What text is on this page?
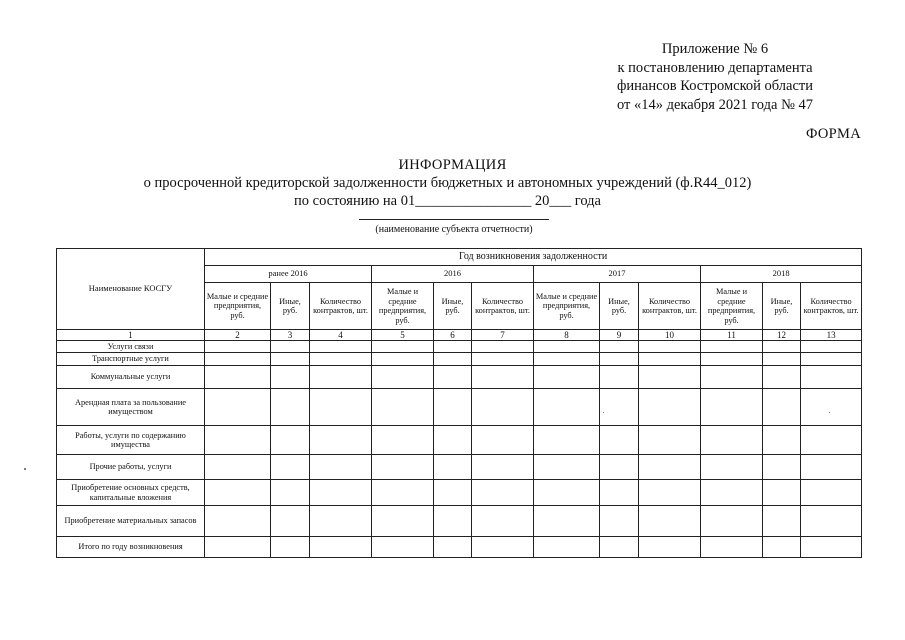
Приложение № 6
к постановлению департамента
финансов Костромской области
от «14» декабря 2021 года № 47
ФОРМА
ИНФОРМАЦИЯ
о просроченной кредиторской задолженности бюджетных и автономных учреждений (ф.R44_012)
по состоянию на 01________________ 20___ года
(наименование субъекта отчетности)
Наименование КОСГУ	Год возникновения задолженности											
	ранее 2016			2016			2017			2018		
	Малые и средние предприятия, руб.	Иные, руб.	Количество контрактов, шт.	Малые и средние предприятия, руб.	Иные, руб.	Количество контрактов, шт.	Малые и средние предприятия, руб.	Иные, руб.	Количество контрактов, шт.	Малые и средние предприятия, руб.	Иные, руб.	Количество контрактов, шт.
1	2	3	4	5	6	7	8	9	10	11	12	13
Услуги связи												
Транспортные услуги												
Коммунальные услуги												
Арендная плата за пользование имуществом												
Работы, услуги по содержанию имущества												
Прочие работы, услуги												
Приобретение основных средств, капитальные вложения												
Приобретение материальных запасов												
Итого по году возникновения												
